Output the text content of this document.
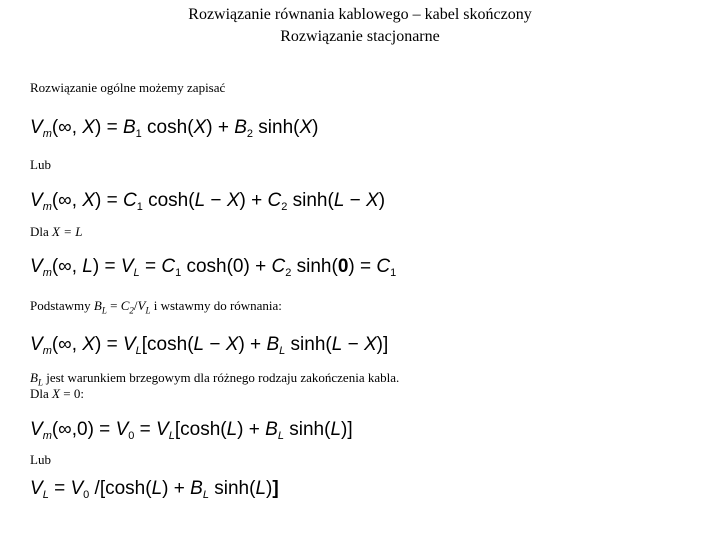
Rozwiązanie równania kablowego – kabel skończony
Rozwiązanie stacjonarne
Rozwiązanie ogólne możemy zapisać
$V_m(\infty$, $X) = B_1$ $\cosh(X) + B_2$ sinh(X)
Lub
$V_m(\infty$, $X) = C_1$ $\cosh(L - X) + C_2$ sinh(L − X)
Dla X = L
$V_m(\infty$, $L) = V_L = C_1$ $\cosh(0) + C_2$ $\sinh(0) = C_1$
Podstawmy $B_L = C_2/V_L$ i wstawmy do równania:
$V_m(\infty$, $X) = V_L[\cosh(L - X) + B_L$ sinh(L − X)]
$B_L$ jest warunkiem brzegowym dla różnego rodzaju zakończenia kabla.
Dla X = 0:
$V_m(\infty,0) = V_0 = V_L[\cosh(L) + B_L$ sinh(L)]
Lub
$V_L = V_0$ $/[\cosh(L) + B_L$ sinh(L)]
